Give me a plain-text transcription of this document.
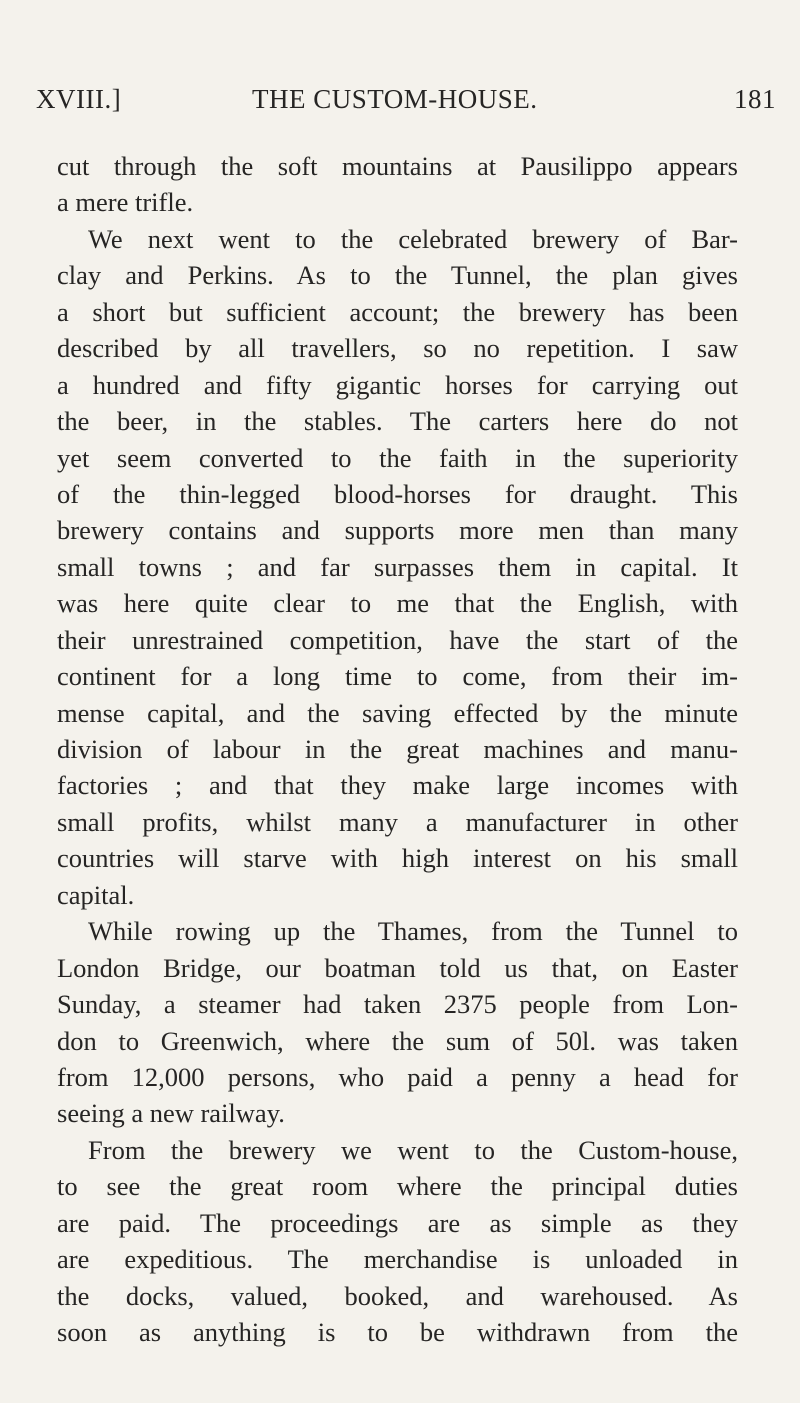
XVIII.]	THE CUSTOM-HOUSE.	181
cut through the soft mountains at Pausilippo appears
a mere trifle.
We next went to the celebrated brewery of Bar-
clay and Perkins. As to the Tunnel, the plan gives
a short but sufficient account; the brewery has been
described by all travellers, so no repetition. I saw
a hundred and fifty gigantic horses for carrying out
the beer, in the stables. The carters here do not
yet seem converted to the faith in the superiority
of the thin-legged blood-horses for draught. This
brewery contains and supports more men than many
small towns ; and far surpasses them in capital. It
was here quite clear to me that the English, with
their unrestrained competition, have the start of the
continent for a long time to come, from their im-
mense capital, and the saving effected by the minute
division of labour in the great machines and manu-
factories ; and that they make large incomes with
small profits, whilst many a manufacturer in other
countries will starve with high interest on his small
capital.
While rowing up the Thames, from the Tunnel to
London Bridge, our boatman told us that, on Easter
Sunday, a steamer had taken 2375 people from Lon-
don to Greenwich, where the sum of 50l. was taken
from 12,000 persons, who paid a penny a head for
seeing a new railway.
From the brewery we went to the Custom-house,
to see the great room where the principal duties
are paid. The proceedings are as simple as they
are expeditious. The merchandise is unloaded in
the docks, valued, booked, and warehoused. As
soon as anything is to be withdrawn from the
